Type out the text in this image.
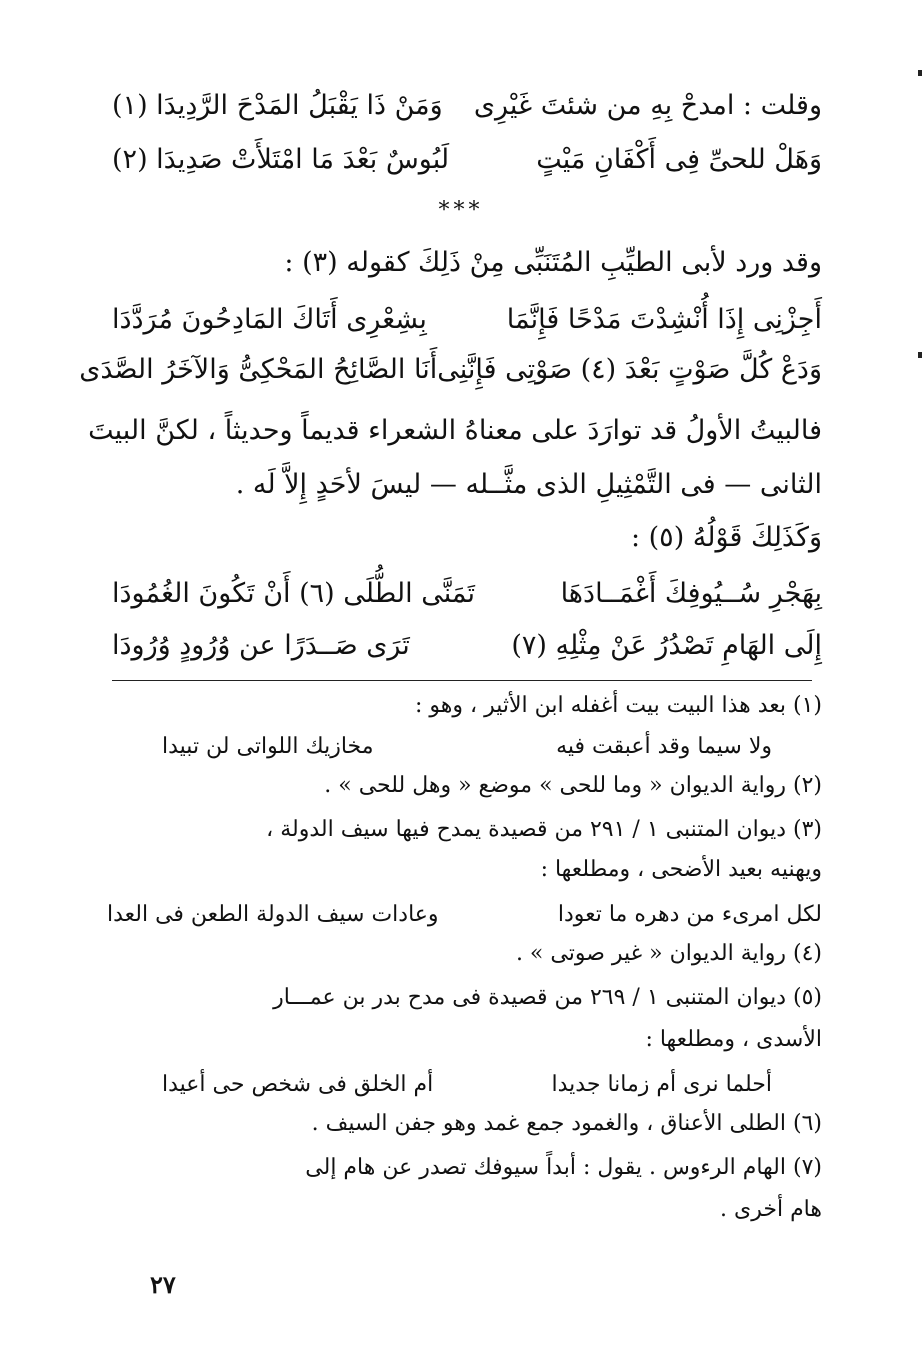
وقلت : امدحْ بِهِ من شئتَ غَيْرِى
وَمَنْ ذَا يَقْبَلُ المَدْحَ الرَّدِيدَا (١)
وَهَلْ للحىِّ فِى أَكْفَانِ مَيْتٍ
لَبُوسٌ بَعْدَ مَا امْتَلأَتْ صَدِيدَا (٢)
***
وقد ورد لأبى الطيِّبِ المُتَنَبِّى مِنْ ذَلِكَ كقوله (٣) :
أَجِزْنِى إِذَا أُنْشِدْتَ مَدْحًا فَإِنَّمَا
بِشِعْرِى أَتَاكَ المَادِحُونَ مُرَدَّدَا
وَدَعْ كُلَّ صَوْتٍ بَعْدَ (٤) صَوْتِى فَإِنَّنِى
أَنَا الصَّائِحُ المَحْكِىُّ وَالآخَرُ الصَّدَى
فالبيتُ الأولُ قد توارَدَ على معناهُ الشعراء قديماً وحديثاً ، لكنَّ البيتَ
الثانى — فى التَّمْثِيلِ الذى مثَّــله — ليسَ لأحَدٍ إِلاَّ لَه .
وَكَذَلِكَ قَوْلُهُ (٥) :
بِهَجْرِ سُــيُوفِكَ أَغْمَــادَهَا
تَمَنَّى الطُّلَى (٦) أَنْ تَكُونَ الغُمُودَا
إِلَى الهَامِ تَصْدُرُ عَنْ مِثْلِهِ (٧)
تَرَى صَــدَرًا عن وُرُودٍ وُرُودَا
(١) بعد هذا البيت بيت أغفله ابن الأثير ، وهو :
ولا سيما وقد أعبقت فيه
مخازيك اللواتى لن تبيدا
(٢) رواية الديوان « وما للحى » موضع « وهل للحى » .
(٣) ديوان المتنبى ١ / ٢٩١ من قصيدة يمدح فيها سيف الدولة ،
ويهنيه بعيد الأضحى ، ومطلعها :
لكل امرىء من دهره ما تعودا
وعادات سيف الدولة الطعن فى العدا
(٤) رواية الديوان « غير صوتى » .
(٥) ديوان المتنبى ١ / ٢٦٩ من قصيدة فى مدح بدر بن عمـــار
الأسدى ، ومطلعها :
أحلما نرى أم زمانا جديدا
أم الخلق فى شخص حى أعيدا
(٦) الطلى الأعناق ، والغمود جمع غمد وهو جفن السيف .
(٧) الهام الرءوس . يقول : أبداً سيوفك تصدر عن هام إلى
هام أخرى .
٢٧
